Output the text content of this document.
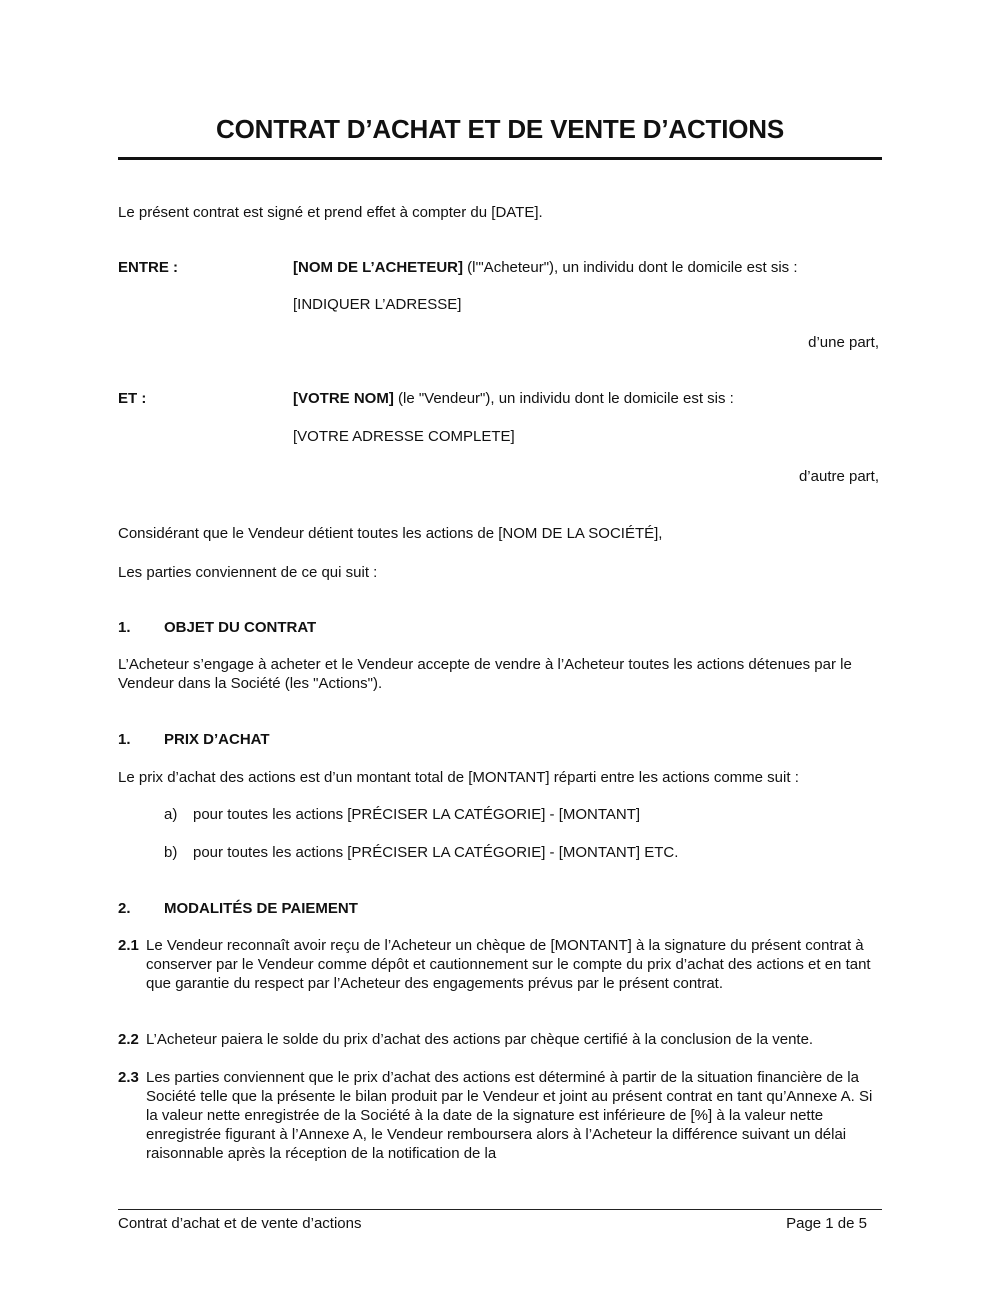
CONTRAT D’ACHAT ET DE VENTE D’ACTIONS
Le présent contrat est signé et prend effet à compter du [DATE].
ENTRE :	[NOM DE L’ACHETEUR] (l'"Acheteur"), un individu dont le domicile est sis :
[INDIQUER L’ADRESSE]
d’une part,
ET :	[VOTRE NOM] (le "Vendeur"), un individu dont le domicile est sis :
[VOTRE ADRESSE COMPLETE]
d’autre part,
Considérant que le Vendeur détient toutes les actions de [NOM DE LA SOCIÉTÉ],
Les parties conviennent de ce qui suit :
1. OBJET DU CONTRAT
L’Acheteur s’engage à acheter et le Vendeur accepte de vendre à l’Acheteur toutes les actions détenues par le Vendeur dans la Société (les "Actions").
1. PRIX D’ACHAT
Le prix d’achat des actions est d’un montant total de [MONTANT] réparti entre les actions comme suit :
a) pour toutes les actions [PRÉCISER LA CATÉGORIE] - [MONTANT]
b) pour toutes les actions [PRÉCISER LA CATÉGORIE] - [MONTANT] ETC.
2. MODALITÉS DE PAIEMENT
2.1 Le Vendeur reconnaît avoir reçu de l’Acheteur un chèque de [MONTANT] à la signature du présent contrat à conserver par le Vendeur comme dépôt et cautionnement sur le compte du prix d’achat des actions et en tant que garantie du respect par l’Acheteur des engagements prévus par le présent contrat.
2.2 L’Acheteur paiera le solde du prix d’achat des actions par chèque certifié à la conclusion de la vente.
2.3 Les parties conviennent que le prix d’achat des actions est déterminé à partir de la situation financière de la Société telle que la présente le bilan produit par le Vendeur et joint au présent contrat en tant qu’Annexe A. Si la valeur nette enregistrée de la Société à la date de la signature est inférieure de [%] à la valeur nette enregistrée figurant à l’Annexe A, le Vendeur remboursera alors à l’Acheteur la différence suivant un délai raisonnable après la réception de la notification de la
Contrat d’achat et de vente d’actions	Page 1 de 5
